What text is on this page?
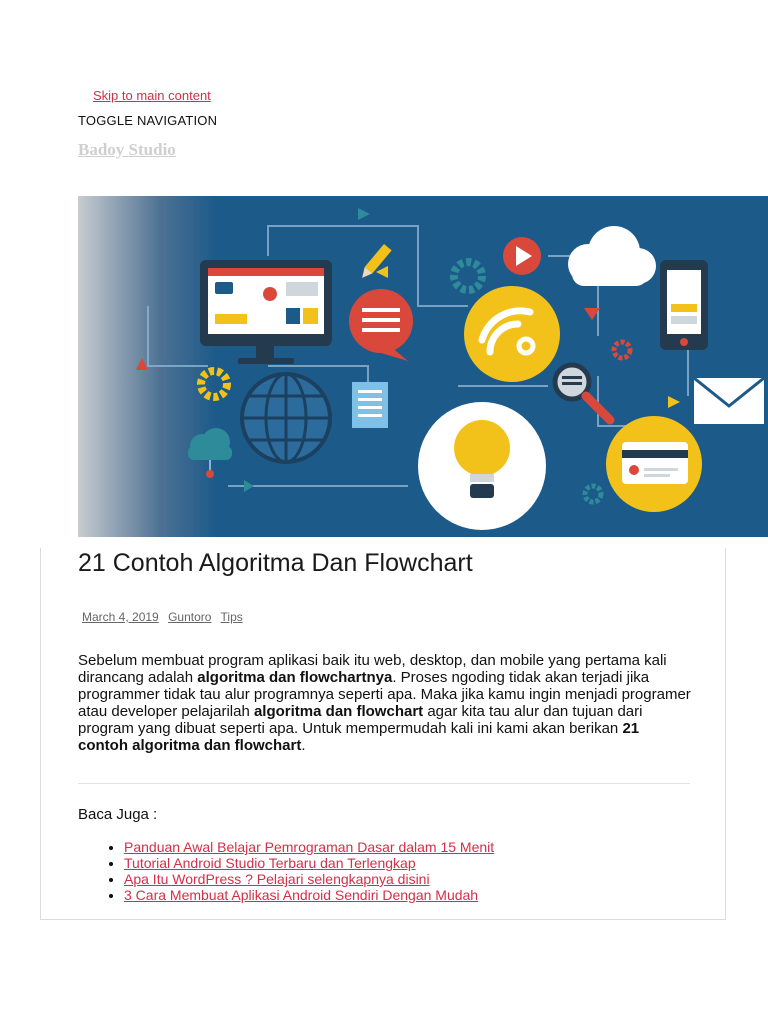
Skip to main content
TOGGLE NAVIGATION
Badoy Studio
21 Contoh Algoritma Dan Flowchart
March 4, 2019 Guntoro Tips

Sebelum membuat program aplikasi baik itu web, desktop, dan mobile yang pertama kali dirancang adalah algoritma dan flowchartnya. Proses ngoding tidak akan terjadi jika programmer tidak tau alur programnya seperti apa. Maka jika kamu ingin menjadi programer atau developer pelajarilah algoritma dan flowchart agar kita tau alur dan tujuan dari program yang dibuat seperti apa. Untuk mempermudah kali ini kami akan berikan 21 contoh algoritma dan flowchart.

Baca Juga :
• Panduan Awal Belajar Pemrograman Dasar dalam 15 Menit
• Tutorial Android Studio Terbaru dan Terlengkap
• Apa Itu WordPress ? Pelajari selengkapnya disini
• 3 Cara Membuat Aplikasi Android Sendiri Dengan Mudah
